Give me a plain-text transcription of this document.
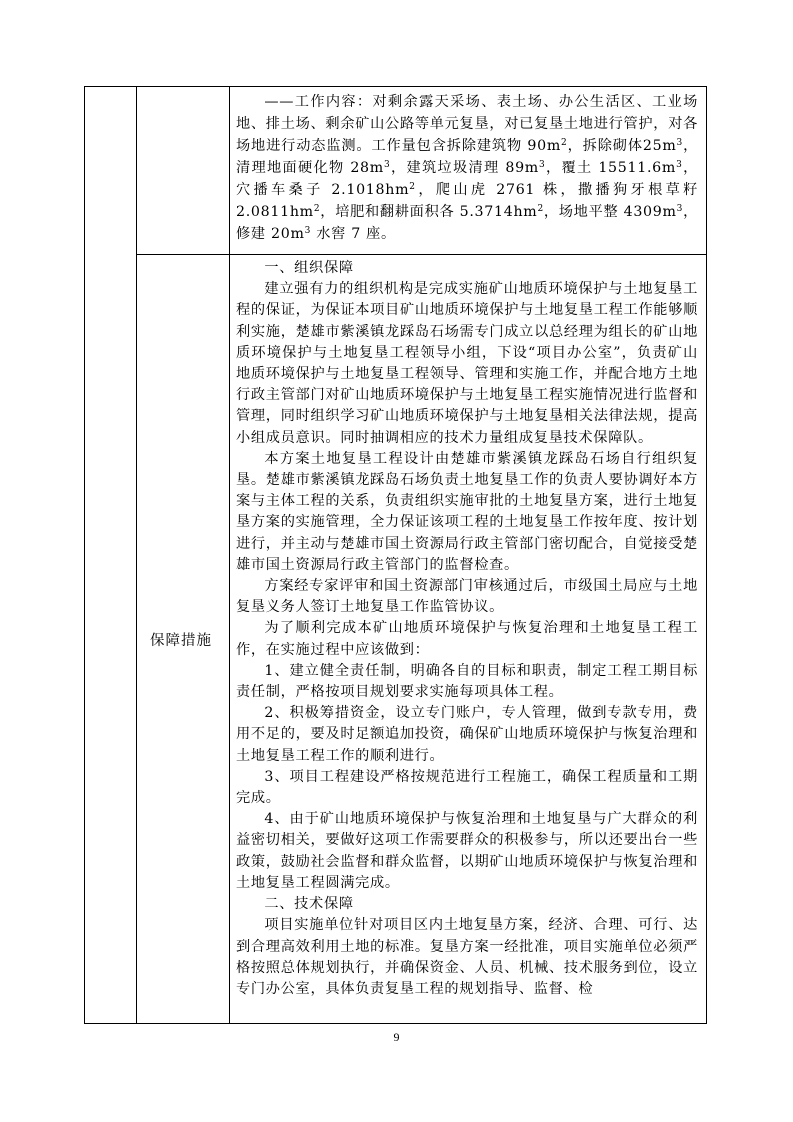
——工作内容：对剩余露天采场、表土场、办公生活区、工业场地、排土场、剩余矿山公路等单元复垦，对已复垦土地进行管护，对各场地进行动态监测。工作量包含拆除建筑物 $90m^2$，拆除砌体$25m^3$，清理地面硬化物 $28m^3$，建筑垃圾清理 $89m^3$，覆土 $15511.6m^3$，穴播车桑子 $2.1018hm^2$，爬山虎 2761 株，撒播狗牙根草籽 $2.0811hm^2$，培肥和翻耕面积各 $5.3714hm^2$，场地平整 $4309m^3$，修建 $20m^3$ 水窖 7 座。

保障措施

一、组织保障

建立强有力的组织机构是完成实施矿山地质环境保护与土地复垦工程的保证，为保证本项目矿山地质环境保护与土地复垦工程工作能够顺利实施，楚雄市紫溪镇龙踩岛石场需专门成立以总经理为组长的矿山地质环境保护与土地复垦工程领导小组，下设“项目办公室”，负责矿山地质环境保护与土地复垦工程领导、管理和实施工作，并配合地方土地行政主管部门对矿山地质环境保护与土地复垦工程实施情况进行监督和管理，同时组织学习矿山地质环境保护与土地复垦相关法律法规，提高小组成员意识。同时抽调相应的技术力量组成复垦技术保障队。

本方案土地复垦工程设计由楚雄市紫溪镇龙踩岛石场自行组织复垦。楚雄市紫溪镇龙踩岛石场负责土地复垦工作的负责人要协调好本方案与主体工程的关系，负责组织实施审批的土地复垦方案，进行土地复垦方案的实施管理，全力保证该项工程的土地复垦工作按年度、按计划进行，并主动与楚雄市国土资源局行政主管部门密切配合，自觉接受楚雄市国土资源局行政主管部门的监督检查。

方案经专家评审和国土资源部门审核通过后，市级国土局应与土地复垦义务人签订土地复垦工作监管协议。

为了顺利完成本矿山地质环境保护与恢复治理和土地复垦工程工作，在实施过程中应该做到：

1、建立健全责任制，明确各自的目标和职责，制定工程工期目标责任制，严格按项目规划要求实施每项具体工程。

2、积极筹措资金，设立专门账户，专人管理，做到专款专用，费用不足的，要及时足额追加投资，确保矿山地质环境保护与恢复治理和土地复垦工程工作的顺利进行。

3、项目工程建设严格按规范进行工程施工，确保工程质量和工期完成。

4、由于矿山地质环境保护与恢复治理和土地复垦与广大群众的利益密切相关，要做好这项工作需要群众的积极参与，所以还要出台一些政策，鼓励社会监督和群众监督，以期矿山地质环境保护与恢复治理和土地复垦工程圆满完成。

二、技术保障

项目实施单位针对项目区内土地复垦方案，经济、合理、可行、达到合理高效利用土地的标准。复垦方案一经批准，项目实施单位必须严格按照总体规划执行，并确保资金、人员、机械、技术服务到位，设立专门办公室，具体负责复垦工程的规划指导、监督、检

9
